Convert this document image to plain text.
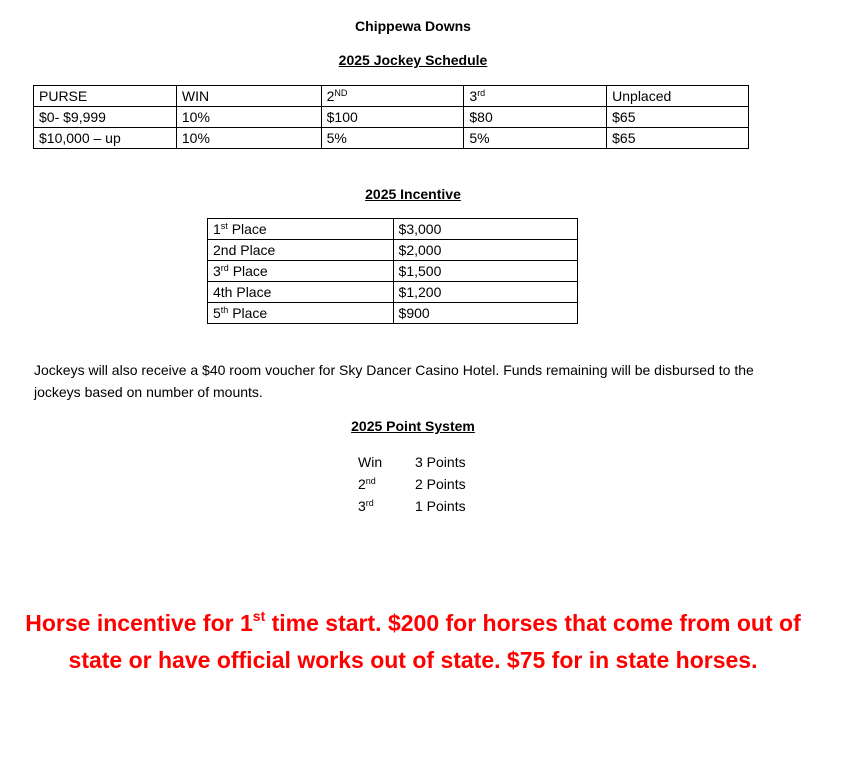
Chippewa Downs
2025 Jockey Schedule
PURSE	WIN	2ND	3rd	Unplaced
$0- $9,999	10%	$100	$80	$65
$10,000 – up	10%	5%	5%	$65
2025 Incentive
1st Place	$3,000
2nd Place	$2,000
3rd Place	$1,500
4th Place	$1,200
5th Place	$900
Jockeys will also receive a $40 room voucher for Sky Dancer Casino Hotel. Funds remaining will be disbursed to the jockeys based on number of mounts.
2025 Point System
Win	3 Points
2nd	2 Points
3rd	1 Points
Horse incentive for 1st time start. $200 for horses that come from out of state or have official works out of state. $75 for in state horses.
